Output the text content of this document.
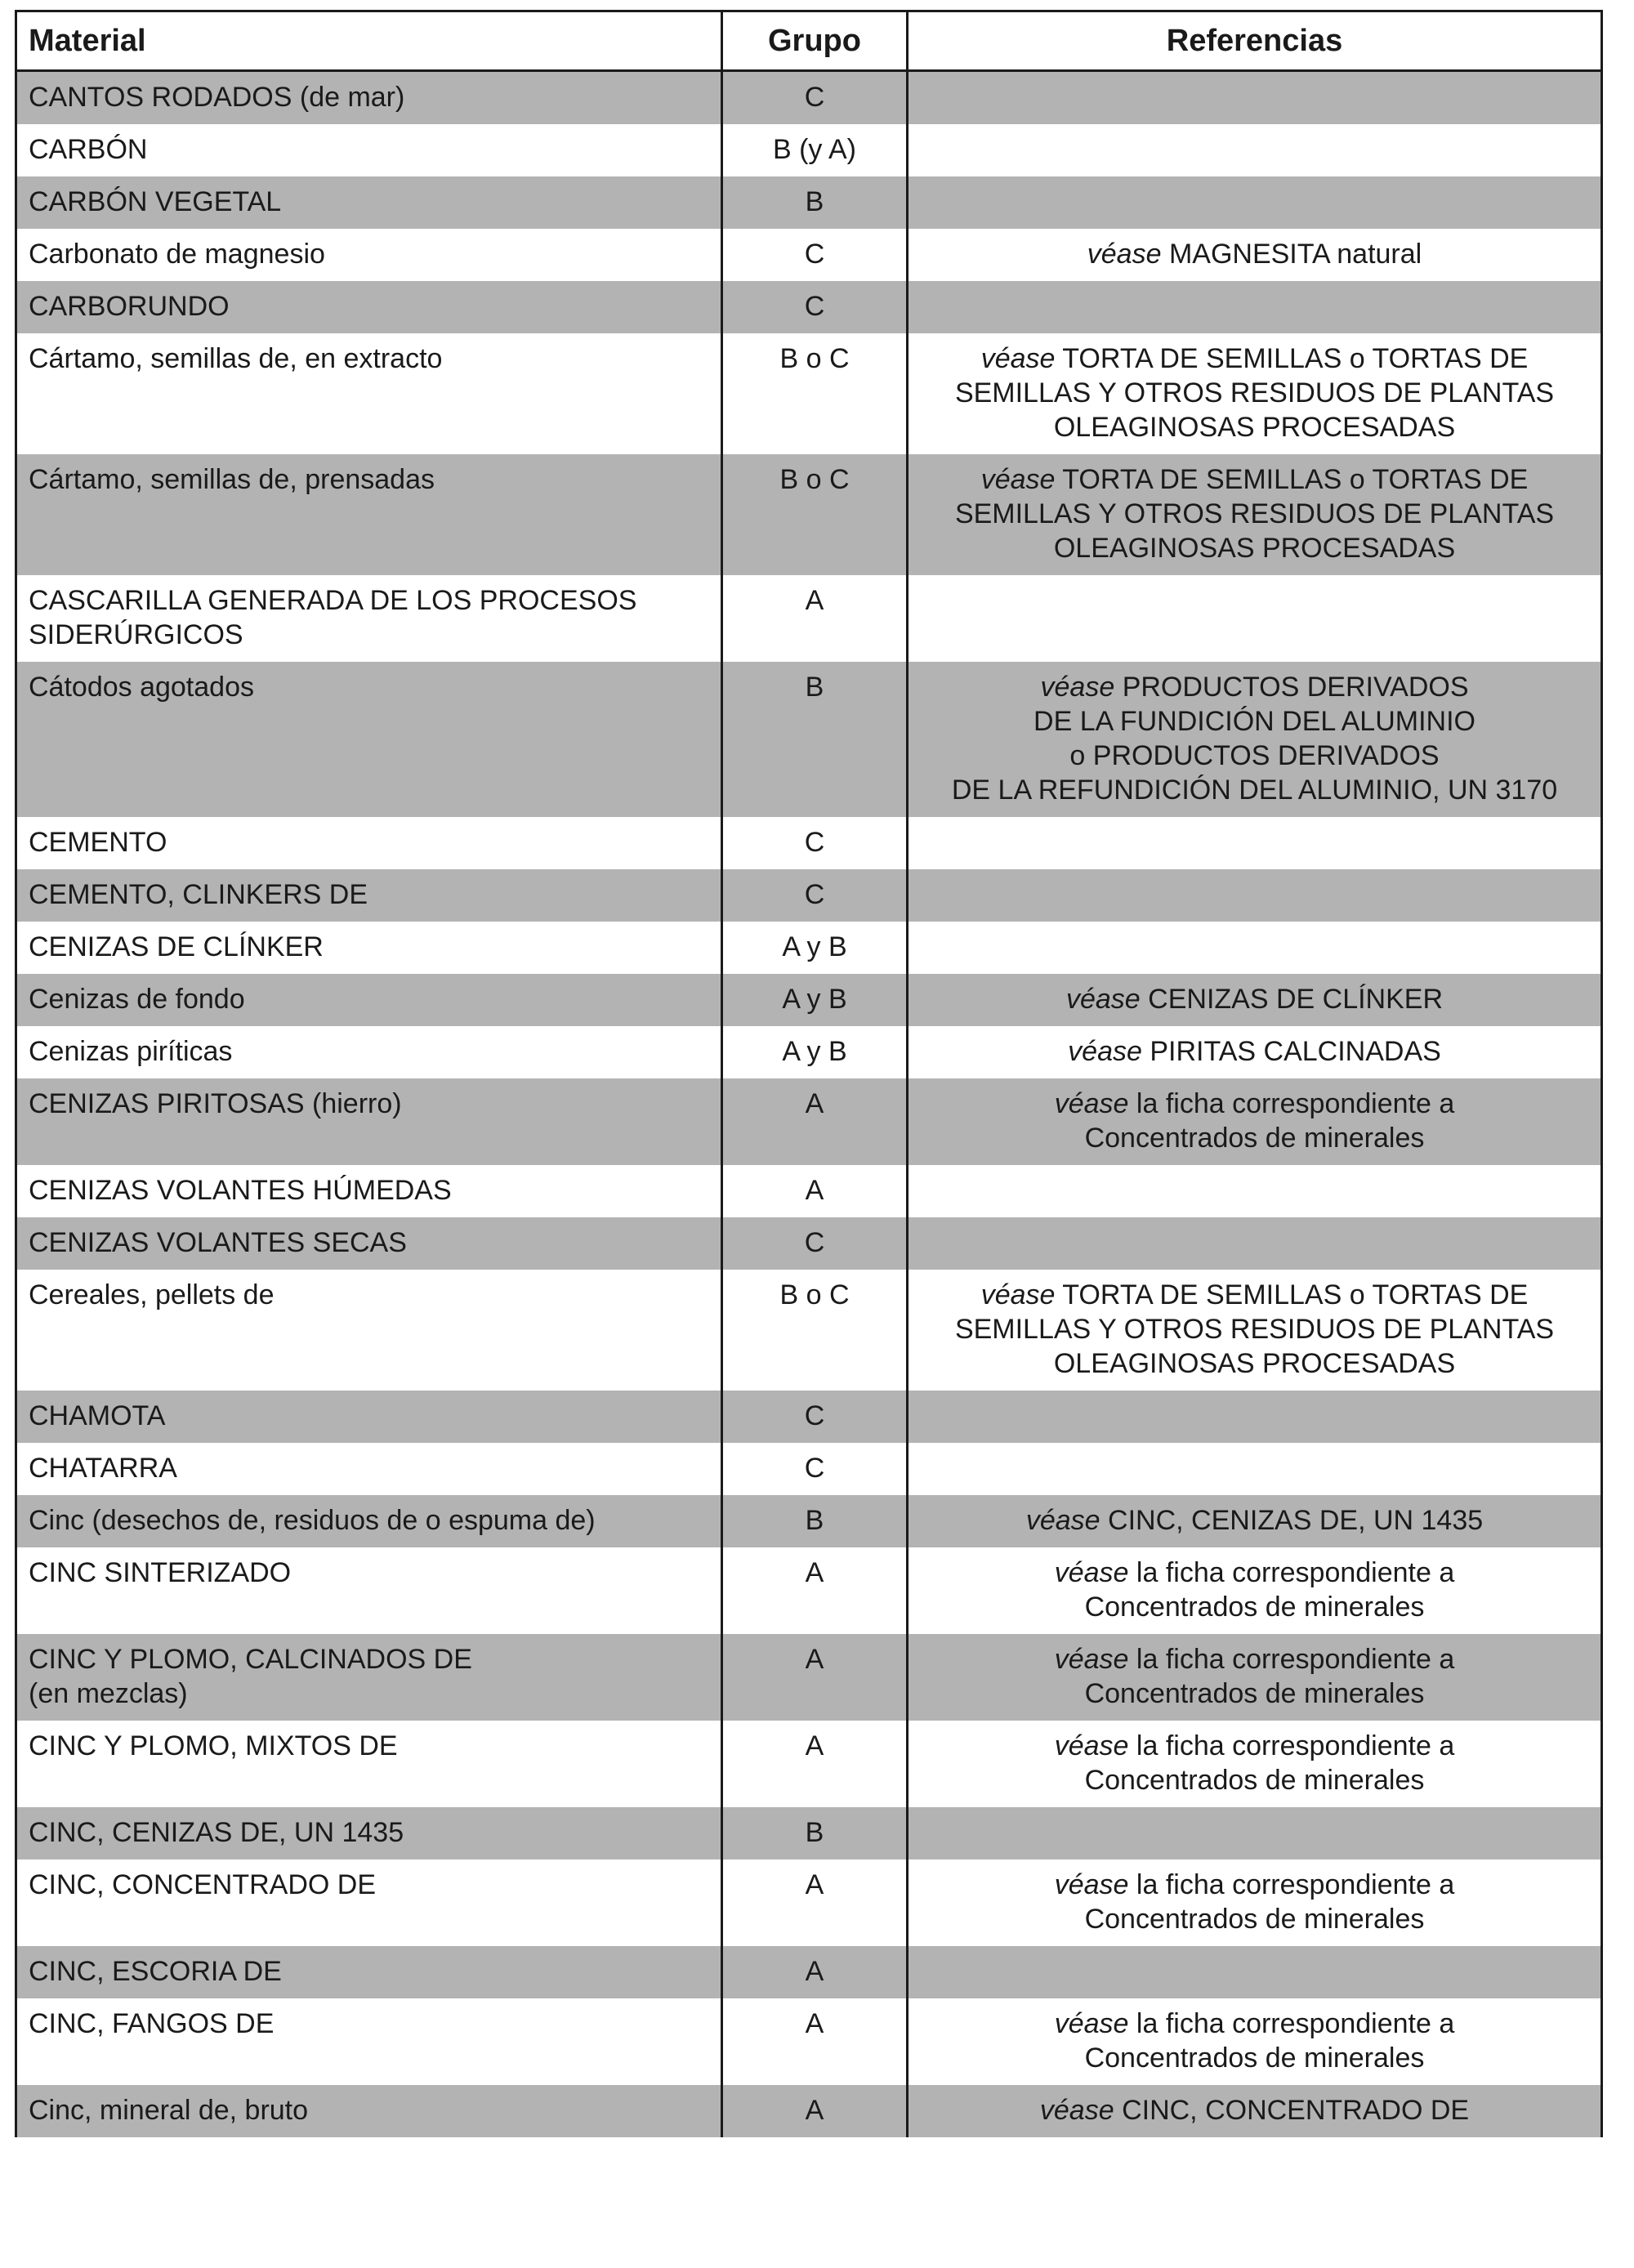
Material	Grupo	Referencias

CANTOS RODADOS (de mar)	C	

CARBÓN	B (y A)	

CARBÓN VEGETAL	B	

Carbonato de magnesio	C	véase MAGNESITA natural

CARBORUNDO	C	

Cártamo, semillas de, en extracto	B o C	véase TORTA DE SEMILLAS o TORTAS DE
SEMILLAS Y OTROS RESIDUOS DE PLANTAS
OLEAGINOSAS PROCESADAS

Cártamo, semillas de, prensadas	B o C	véase TORTA DE SEMILLAS o TORTAS DE
SEMILLAS Y OTROS RESIDUOS DE PLANTAS
OLEAGINOSAS PROCESADAS

CASCARILLA GENERADA DE LOS PROCESOS
SIDERÚRGICOS	A	

Cátodos agotados	B	véase PRODUCTOS DERIVADOS
DE LA FUNDICIÓN DEL ALUMINIO
o PRODUCTOS DERIVADOS
DE LA REFUNDICIÓN DEL ALUMINIO, UN 3170

CEMENTO	C	

CEMENTO, CLINKERS DE	C	

CENIZAS DE CLÍNKER	A y B	

Cenizas de fondo	A y B	véase CENIZAS DE CLÍNKER

Cenizas piríticas	A y B	véase PIRITAS CALCINADAS

CENIZAS PIRITOSAS (hierro)	A	véase la ficha correspondiente a
Concentrados de minerales

CENIZAS VOLANTES HÚMEDAS	A	

CENIZAS VOLANTES SECAS	C	

Cereales, pellets de	B o C	véase TORTA DE SEMILLAS o TORTAS DE
SEMILLAS Y OTROS RESIDUOS DE PLANTAS
OLEAGINOSAS PROCESADAS

CHAMOTA	C	

CHATARRA	C	

Cinc (desechos de, residuos de o espuma de)	B	véase CINC, CENIZAS DE, UN 1435

CINC SINTERIZADO	A	véase la ficha correspondiente a
Concentrados de minerales

CINC Y PLOMO, CALCINADOS DE
(en mezclas)	A	véase la ficha correspondiente a
Concentrados de minerales

CINC Y PLOMO, MIXTOS DE	A	véase la ficha correspondiente a
Concentrados de minerales

CINC, CENIZAS DE, UN 1435	B	

CINC, CONCENTRADO DE	A	véase la ficha correspondiente a
Concentrados de minerales

CINC, ESCORIA DE	A	

CINC, FANGOS DE	A	véase la ficha correspondiente a
Concentrados de minerales

Cinc, mineral de, bruto	A	véase CINC, CONCENTRADO DE
